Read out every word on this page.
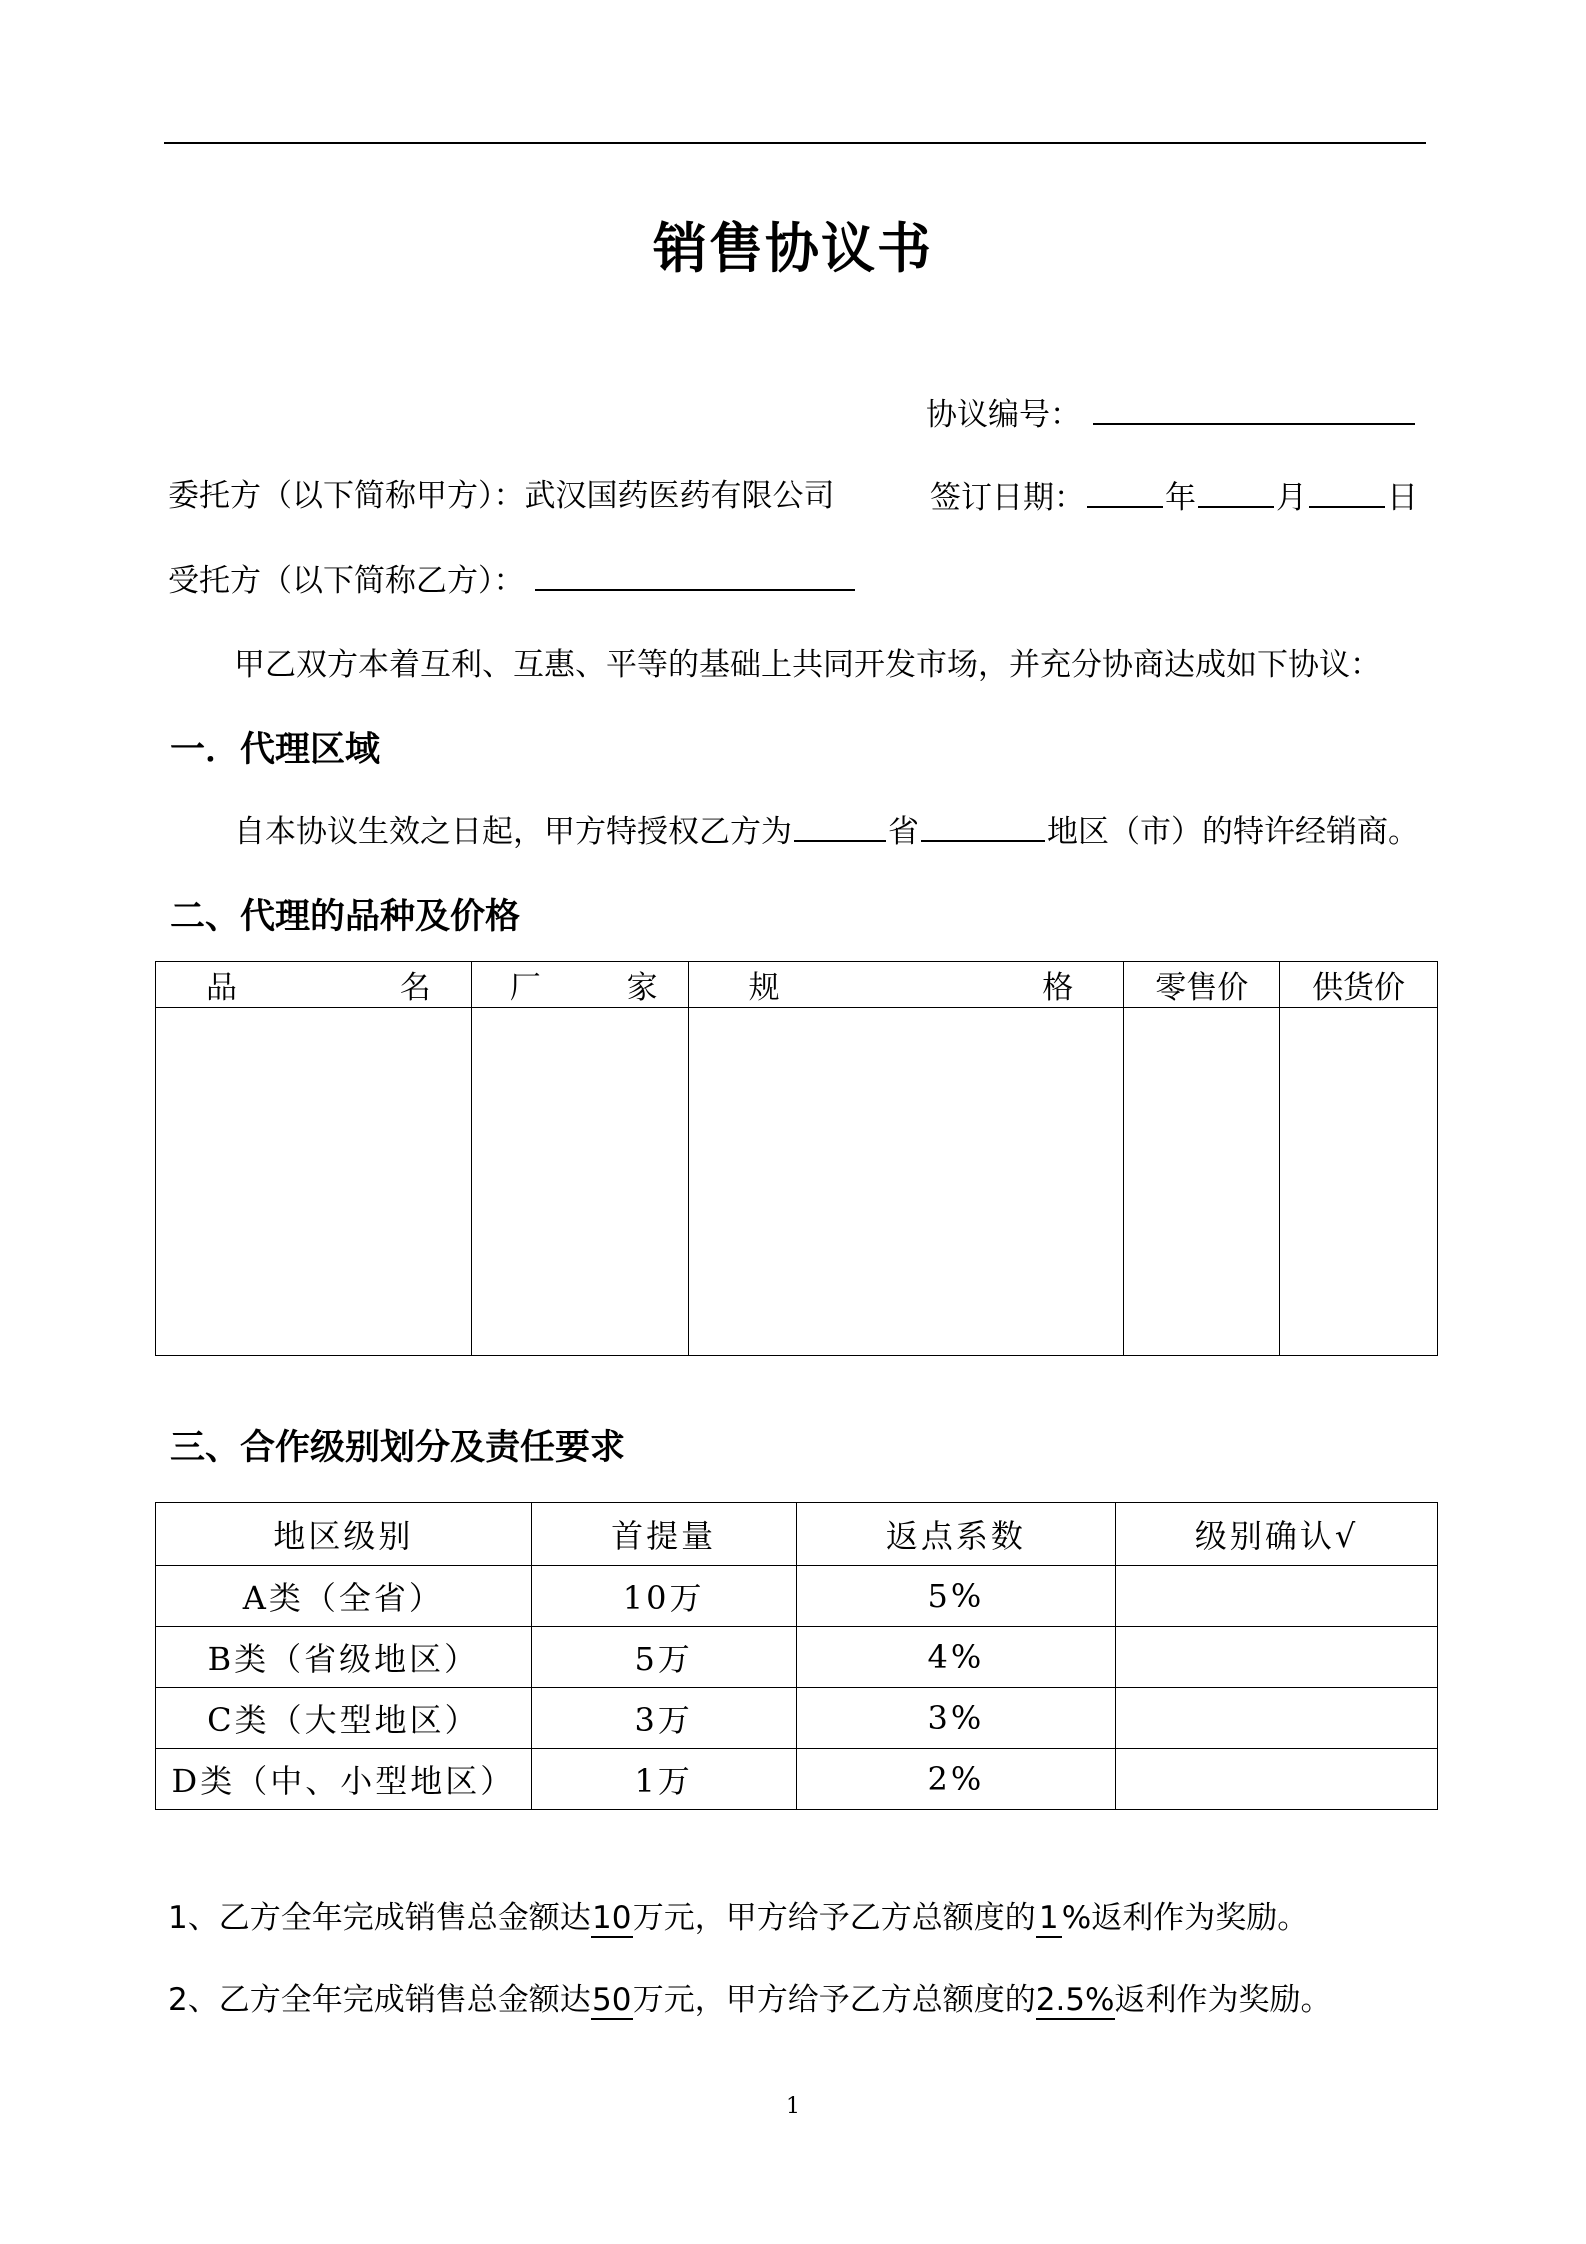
销售协议书
协议编号：
委托方（以下简称甲方）：武汉国药医药有限公司	签订日期：	年	月	日
受托方（以下简称乙方）：
甲乙双方本着互利、互惠、平等的基础上共同开发市场，并充分协商达成如下协议：
一．代理区域
自本协议生效之日起，甲方特授权乙方为	省	地区（市）的特许经销商。
二、代理的品种及价格
品 名	厂 家	规 格	零售价	供货价

三、合作级别划分及责任要求
地区级别	首提量	返点系数	级别确认√
A类（全省）	10万	5%	
B类（省级地区）	5万	4%	
C类（大型地区）	3万	3%	
D类（中、小型地区）	1万	2%	
1、乙方全年完成销售总金额达10万元，甲方给予乙方总额度的 1 %返利作为奖励。
2、乙方全年完成销售总金额达50万元，甲方给予乙方总额度的2.5%返利作为奖励。
1
